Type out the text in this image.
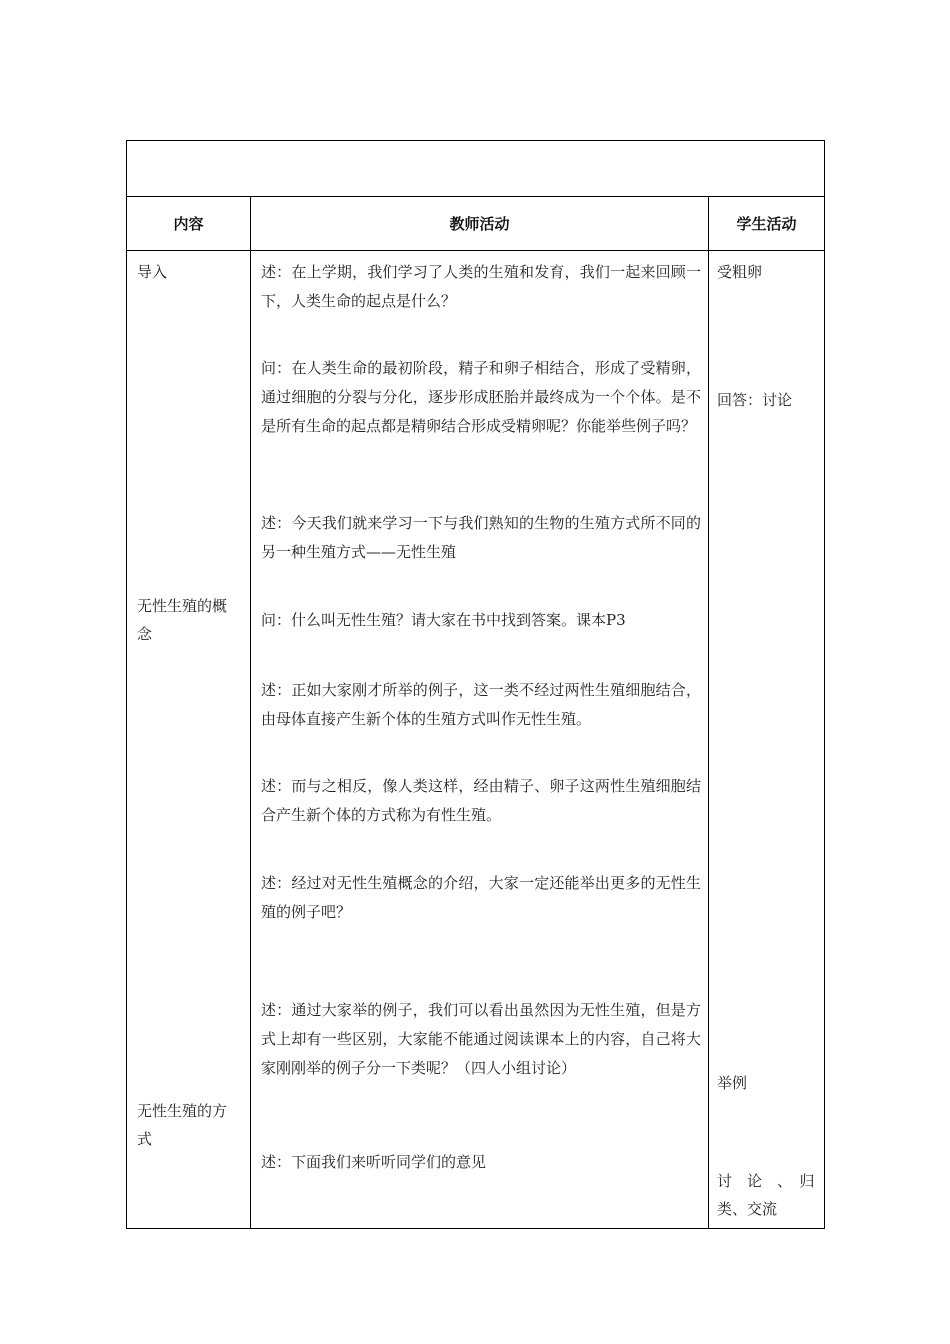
内容	教师活动	学生活动
导入
无性生殖的概
念
无性生殖的方
式
述：在上学期，我们学习了人类的生殖和发育，我们一起来回顾一下，人类生命的起点是什么？
问：在人类生命的最初阶段，精子和卵子相结合，形成了受精卵，通过细胞的分裂与分化，逐步形成胚胎并最终成为一个个体。是不是所有生命的起点都是精卵结合形成受精卵呢？你能举些例子吗？
述：今天我们就来学习一下与我们熟知的生物的生殖方式所不同的另一种生殖方式——无性生殖
问：什么叫无性生殖？请大家在书中找到答案。课本P3
述：正如大家刚才所举的例子，这一类不经过两性生殖细胞结合，由母体直接产生新个体的生殖方式叫作无性生殖。
述：而与之相反，像人类这样，经由精子、卵子这两性生殖细胞结合产生新个体的方式称为有性生殖。
述：经过对无性生殖概念的介绍，大家一定还能举出更多的无性生殖的例子吧？
述：通过大家举的例子，我们可以看出虽然因为无性生殖，但是方式上却有一些区别，大家能不能通过阅读课本上的内容，自己将大家刚刚举的例子分一下类呢？（四人小组讨论）
述：下面我们来听听同学们的意见
受粗卵
回答：讨论
举例
讨　论　、　归
类、交流
